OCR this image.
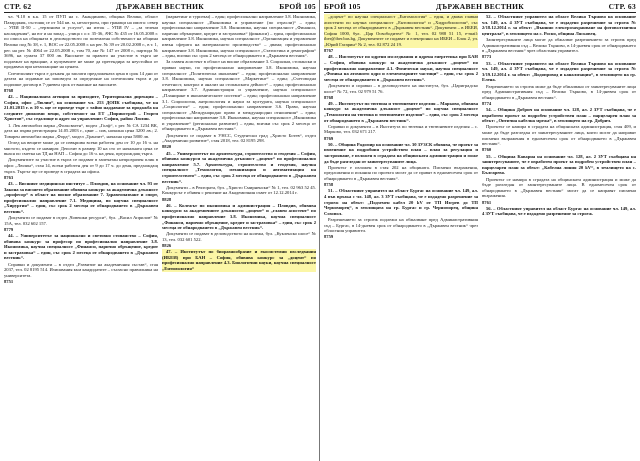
СТР. 62	ДЪРЖАВЕН ВЕСТНИК	БРОЙ 105

чл. Ч.10 в к.к. 15 от ПУП на с. Акандиново, община Велико, област Пазарджик, състоящ се от 544 кв. м, незастроен, при граници на имота: север – УПИ II-50 – „терзинови и услуги“, на изток – УПИ IV – „за зелени насаждения“, на юг и на запад – улица с о.т. 35-36, АЧС № 435 от 16.05.2008 г. по описа на общината в деловодството по поземлена собственост на община Велико под № 38, т. 1, ВОС от 22.05.2008 г. на рег. № 39 от 20.02.2008 г., в т. 1, рег. на рег. № 4064 от 22.05.2008 г., том 70, акт № 147 от 2008 г., партида № 3696, на сумата 37 000 лв. Вноските за правото на участие в търга не подлежат на връщане, а купувачите не може да претендира за неустойки от продавача при незаплащане на цената.

Спечелилият търга е длъжен да заплати предложената цена в срок 14 дни от датата на издаване на заповедта за определяне на спечелилия търга и да подпише договор в 7-дневен срок от внасяне на вноските.

8768

42. – Националната агенция за приходите, Териториална дирекция – София, офис „Люлин“, на основание чл. 253 ДОПК съобщава, че на 21.01.2015 г. в 10 ч. ще се проведе търг с тайно наддаване за продажба на следните движими вещи, собственост на ЕТ „Пиринстрой – Георги Христов“, със седалище и адрес на управление: София, район Люлин.

1. Лек автомобил марка „Фолксваген“, модел „Голф“, с рег. № СА 1234 ВК, дата на първа регистрация 14.05.2003 г., цвят – сив, начална цена 3200 лв.; 2. Товарен автомобил марка „Форд“, модел „Транзит“, начална цена 5800 лв.

Оглед на вещите може да се извършва всеки работен ден от 10 до 16 ч. на мястото, където се намират. Депозит в размер 10 на сто от началната цена се внася по сметка на ТД на НАП – София до 16 ч. на деня, предхождащ търга.

Документите за участие в търга се подават в запечатан непрозрачен плик в офис „Люлин“, стая 14, всеки работен ден от 9 до 17 ч. до деня, предхождащ търга. Търгът ще се проведе в сградата на офиса.

8763

43. – Висшият медицински институт – Пловдив, на основание чл. 93 от Закона за висшето образование обявява конкурс за академична длъжност „професор“ в област на висше образование 7. Здравеопазване и спорт, професионално направление 7.1. Медицина, по научна специалност „Хирургия“ – един, със срок 2 месеца от обнародването в „Държавен вестник“.

Документи се подават в отдел „Човешки ресурси“, бул. „Васил Априлов“ № 15А, тел. 032 602 157.

8779

44. – Университетът за национално и световно стопанство – София, обявява конкурс за професор по професионално направление 3.8. Икономика, научна специалност „Финанси, парично обръщение, кредит и застраховка“ – един, със срок 2 месеца от обнародването в „Държавен вестник“.

Справки и документи – в отдел „Развитие на академичния състав“, стая 2037, тел. 02 8195 514. Изисквания към кандидатите – съгласно правилника на университета.

8751

(маркетинг и туризъм) – един; професионално направление 3.8. Икономика, научна специалност „Икономика и управление (по отрасли)“ – един; професионално направление 3.8. Икономика, научна специалност „Финанси, парично обръщение, кредит и застраховка“ (финанси) – един, професионално направление 3.8. Икономика, научна специалност „Организация и управление извън сферата на материалното производство“ – двама; професионално направление 3.8. Икономика, научна специалност „Статистика и демография“ – един, всички със срок 2 месеца от обнародването в „Държавен вестник“.

За главен асистент в област на висше образование 3. Социални, стопански и правни науки, по професионално направление 3.8. Икономика, научна специалност „Политическа икономия“ – един; професионално направление 3.8. Икономика, научна специалност „Маркетинг“ – един; „Счетоводна отчетност, контрол и анализ на стопанската дейност“ – един; професионално направление 3.7. Администрация и управление, научна специалност „Планиране в икономическите системи“ – един; професионално направление 3.1. Социология, антропология и науки за културата, научна специалност „Социология“ – един; професионално направление 3.6. Право, научна специалност „Международно право и международни отношения“ – един; професионално направление 3.8. Икономика, научна специалност „Икономика и управление“ (регионално развитие) – един, всички със срок 2 месеца от обнародването в „Държавен вестник“.

Документи се подават в УНСС, Студентски град „Христо Ботев“, отдел „Академично развитие“, стая 2018, тел. 02 8195 298.

8820

45. – Университетът по архитектура, строителство и геодезия – София, обявява конкурси за академична длъжност „доцент“ по професионално направление 5.7. Архитектура, строителство и геодезия, научна специалност „Технология, механизация и автоматизация на строителството“ – един, със срок 2 месеца от обнародването в „Държавен вестник“.

Документи – в Ректората, бул. „Христо Смирненски“ № 1, тел. 02 963 52 45. Конкурсът е обявен с решение на Академичния съвет от 12.12.2014 г.

8828

46. – Колежът по икономика и администрация – Пловдив, обявява конкурси за академичните длъжности „доцент“ и „главен асистент“ по професионално направление 3.8. Икономика, научна специалност „Финанси, парично обръщение, кредит и застраховка“ – един, със срок 2 месеца от обнародването в „Държавен вестник“.

Документи се подават в деловодството на колежа, бул. „Кукленско шосе“ № 13, тел. 032 601 522.

8826

47. – Институтът по биоразнообразие и екосистемни изследвания (ИБЕИ) при БАН – София, обявява конкурс за „доцент“ по професионално направление 4.3. Биологични науки, научна специалност „Ентомология“

БРОЙ 105	ДЪРЖАВЕН ВЕСТНИК	СТР. 63

„доцент“ по научна специалност „Ентомология“ – един, и двама главни асистенти по научна специалност „Ентомология“ и „Хидробиология“, със срок 2 месеца от обнародването в „Държавен вестник“. Документи – в ИБЕИ, София 1000, бул. „Цар Освободител“ № 1, тел. 02 988 51 15, e-mail: iber@iber.bas.bg. Документите се подават и електронно на ИБЕИ – Блок 2, ул. „Юрий Гагарин“ № 2, тел. 02 872 24 19.

8767

48. – Институтът по ядрени изследвания и ядрена енергетика при БАН – София, обявява конкурс за академична длъжност „доцент“ по професионално направление 4.1. Физически науки, научна специалност „Физика на атомното ядро и елементарните частици“ – един, със срок 2 месеца от обнародването в „Държавен вестник“.

Документи и справки – в деловодството на института, бул. „Цариградско шосе“ № 72, тел. 02 979 51 76.

8768

49. – Институтът по тютюна и тютюневите изделия – Марково, обявява конкурс за академична длъжност „доцент“ по научна специалност „Технология на тютюна и тютюневите изделия“ – един, със срок 2 месеца от обнародването в „Държавен вестник“.

Справки и документи – в Института по тютюна и тютюневите изделия – с. Марково, тел. 032 671 217.

8769

50. – Община Радомир на основание чл. 30 ЗУЗСК обявява, че проект за изменение на подробния устройствен план – план за регулация и застрояване, е изложен в сградата на общинската администрация и може да бъде разгледан от заинтересуваните лица.

Проектът е изложен в стая 202 на общината. Писмени възражения, предложения и искания по проекта могат да се правят в едномесечен срок от обнародването в „Държавен вестник“.

8758

51. – Областният управител на област Бургас на основание чл. 149, ал. 4 във връзка с чл. 148, ал. 3 ЗУТ съобщава, че е издадено разрешение за строеж на обект: „Подземен кабел 20 kV от ТП Изгрев до ТП Черноморец“, в землищата на гр. Бургас и гр. Черноморец, община Созопол.

Разрешението за строеж подлежи на обжалване пред Административния съд – Бургас, в 14-дневен срок от обнародването в „Държавен вестник“ чрез областния управител.

8759

52. – Областният управител на област Велико Търново на основание чл. 149, ал. 4 ЗУТ съобщава, че е издадено разрешение за строеж № 2/18.12.2014 г. за обект: „Външно електрозахранване на фотоволтаична централа“, в землището на с. Росно, община Лясковец.

Заинтересуваните лица могат да обжалват разрешението за строеж пред Административния съд – Велико Търново, в 14-дневен срок от обнародването в „Държавен вестник“ чрез областния управител.

8773

53. – Областният управител на област Велико Търново на основание чл. 149, ал. 4 ЗУТ съобщава, че е издадено разрешение за строеж № 3/19.12.2014 г. за обект: „Водопровод и канализация“, в землището на гр. Елена.

Разрешението за строеж може да бъде обжалвано от заинтересуваните лица пред Административния съд – Велико Търново, в 14-дневен срок от обнародването в „Държавен вестник“.

8774

54. – Община Добрич на основание чл. 128, ал. 2 ЗУТ съобщава, че е изработен проект за подробен устройствен план – парцеларен план за обект: „Оптична кабелна мрежа“, в землището на гр. Добрич.

Проектът се намира в сградата на общинската администрация, стая 409, и може да бъде разгледан от заинтересуваните лица, които могат да направят писмени възражения в едномесечен срок от обнародването в „Държавен вестник“.

8760

55. – Община Каварна на основание чл. 128, ал. 2 ЗУТ съобщава на заинтересуваните, че е изработен проект за подробен устройствен план – парцеларен план за обект: „Кабелна линия 20 kV“, в землището на с. Българево.

Проектът се намира в сградата на общинската администрация и може да бъде разгледан от заинтересуваните лица. В едномесечен срок от обнародването в „Държавен вестник“ могат да се направят писмени възражения.

8761

56. – Областният управител на област Бургас на основание чл. 149, ал. 4 ЗУТ съобщава, че е издадено разрешение за строеж.
